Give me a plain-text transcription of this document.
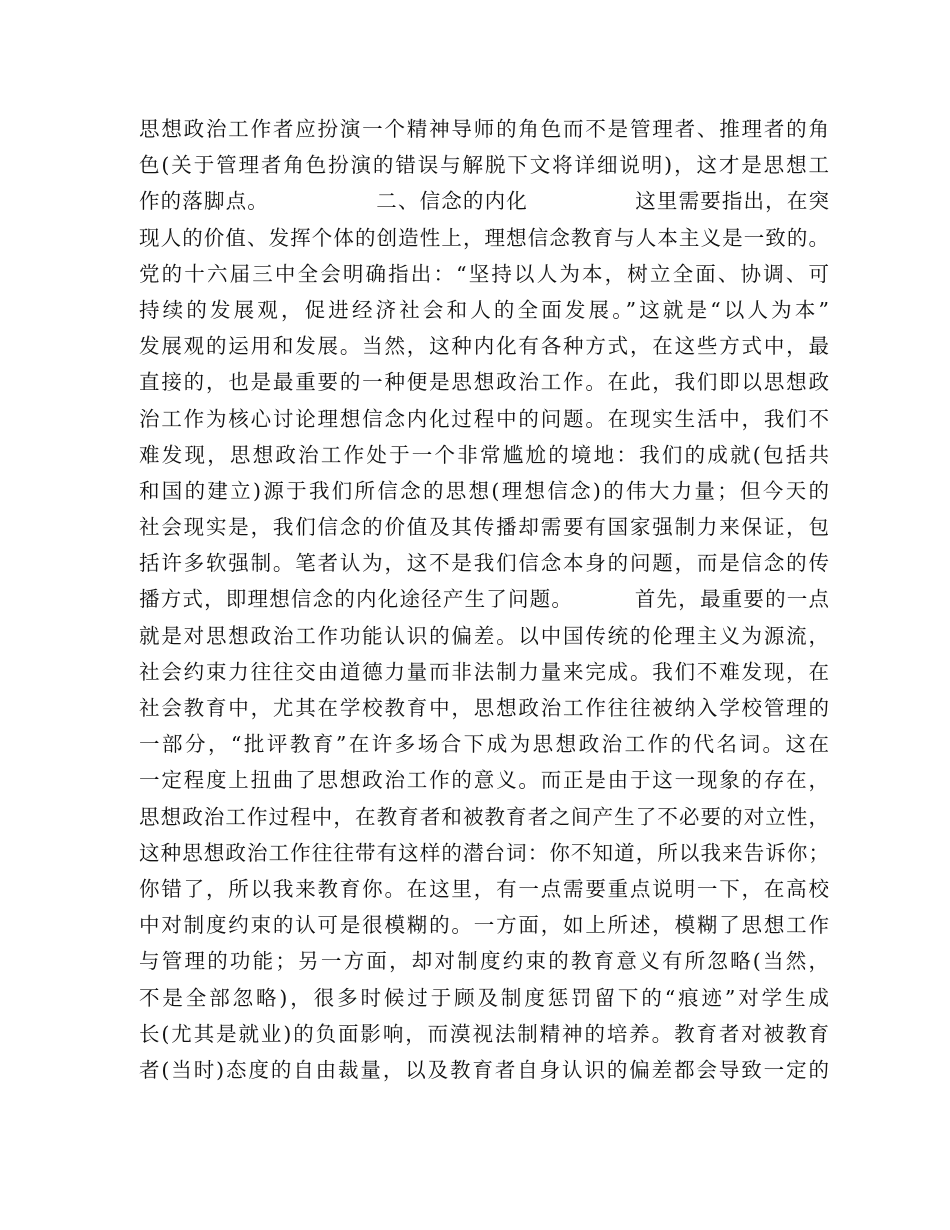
思想政治工作者应扮演一个精神导师的角色而不是管理者、推理者的角
色(关于管理者角色扮演的错误与解脱下文将详细说明)，这才是思想工
作的落脚点。              二、信念的内化              这里需要指出，在突
现人的价值、发挥个体的创造性上，理想信念教育与人本主义是一致的。
党的十六届三中全会明确指出：“坚持以人为本，树立全面、协调、可
持续的发展观，促进经济社会和人的全面发展。”这就是“以人为本”
发展观的运用和发展。当然，这种内化有各种方式，在这些方式中，最
直接的，也是最重要的一种便是思想政治工作。在此，我们即以思想政
治工作为核心讨论理想信念内化过程中的问题。在现实生活中，我们不
难发现，思想政治工作处于一个非常尴尬的境地：我们的成就(包括共
和国的建立)源于我们所信念的思想(理想信念)的伟大力量；但今天的
社会现实是，我们信念的价值及其传播却需要有国家强制力来保证，包
括许多软强制。笔者认为，这不是我们信念本身的问题，而是信念的传
播方式，即理想信念的内化途径产生了问题。        首先，最重要的一点
就是对思想政治工作功能认识的偏差。以中国传统的伦理主义为源流，
社会约束力往往交由道德力量而非法制力量来完成。我们不难发现，在
社会教育中，尤其在学校教育中，思想政治工作往往被纳入学校管理的
一部分，“批评教育”在许多场合下成为思想政治工作的代名词。这在
一定程度上扭曲了思想政治工作的意义。而正是由于这一现象的存在，
思想政治工作过程中，在教育者和被教育者之间产生了不必要的对立性，
这种思想政治工作往往带有这样的潜台词：你不知道，所以我来告诉你；
你错了，所以我来教育你。在这里，有一点需要重点说明一下，在高校
中对制度约束的认可是很模糊的。一方面，如上所述，模糊了思想工作
与管理的功能；另一方面，却对制度约束的教育意义有所忽略(当然，
不是全部忽略)，很多时候过于顾及制度惩罚留下的“痕迹”对学生成
长(尤其是就业)的负面影响，而漠视法制精神的培养。教育者对被教育
者(当时)态度的自由裁量，以及教育者自身认识的偏差都会导致一定的
